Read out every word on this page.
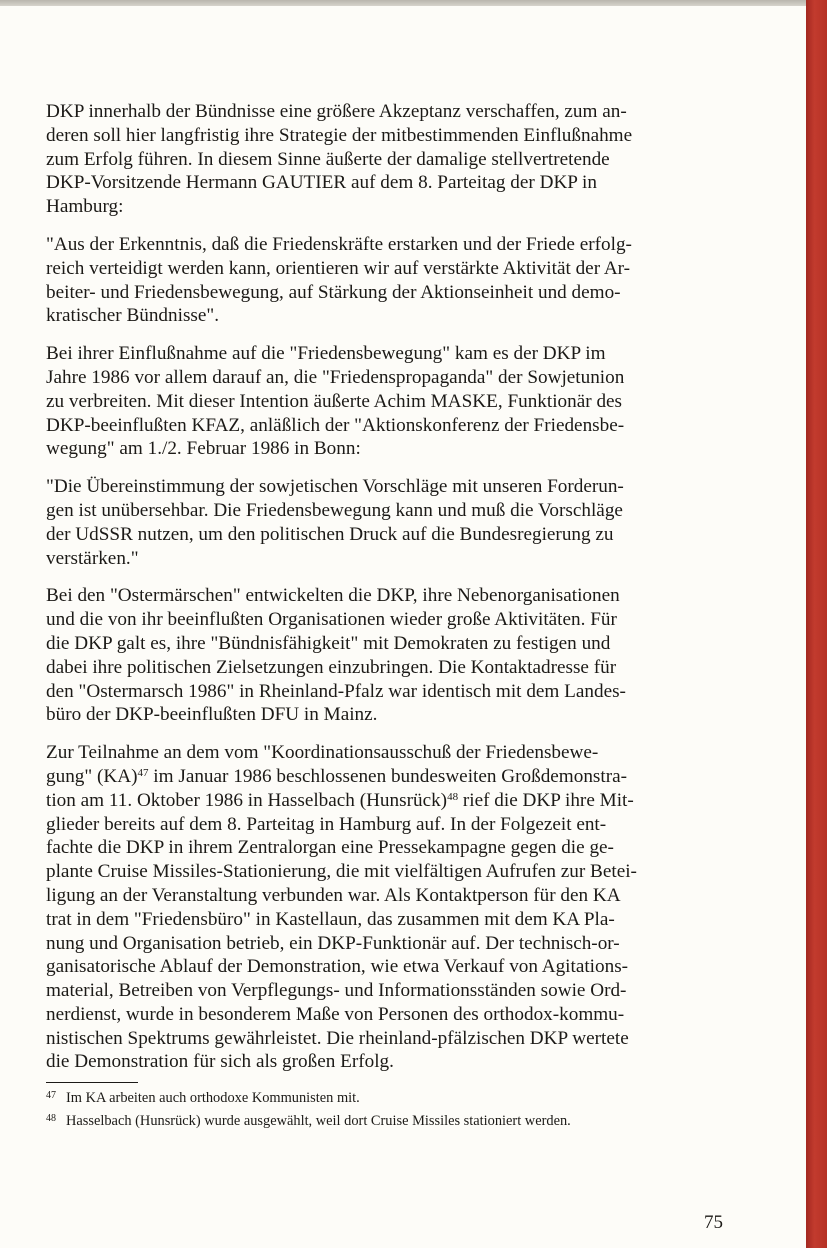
DKP innerhalb der Bündnisse eine größere Akzeptanz verschaffen, zum an-
deren soll hier langfristig ihre Strategie der mitbestimmenden Einflußnahme
zum Erfolg führen. In diesem Sinne äußerte der damalige stellvertretende
DKP-Vorsitzende Hermann GAUTIER auf dem 8. Parteitag der DKP in
Hamburg:

"Aus der Erkenntnis, daß die Friedenskräfte erstarken und der Friede erfolg-
reich verteidigt werden kann, orientieren wir auf verstärkte Aktivität der Ar-
beiter- und Friedensbewegung, auf Stärkung der Aktionseinheit und demo-
kratischer Bündnisse".

Bei ihrer Einflußnahme auf die "Friedensbewegung" kam es der DKP im
Jahre 1986 vor allem darauf an, die "Friedenspropaganda" der Sowjetunion
zu verbreiten. Mit dieser Intention äußerte Achim MASKE, Funktionär des
DKP-beeinflußten KFAZ, anläßlich der "Aktionskonferenz der Friedensbe-
wegung" am 1./2. Februar 1986 in Bonn:

"Die Übereinstimmung der sowjetischen Vorschläge mit unseren Forderun-
gen ist unübersehbar. Die Friedensbewegung kann und muß die Vorschläge
der UdSSR nutzen, um den politischen Druck auf die Bundesregierung zu
verstärken."

Bei den "Ostermärschen" entwickelten die DKP, ihre Nebenorganisationen
und die von ihr beeinflußten Organisationen wieder große Aktivitäten. Für
die DKP galt es, ihre "Bündnisfähigkeit" mit Demokraten zu festigen und
dabei ihre politischen Zielsetzungen einzubringen. Die Kontaktadresse für
den "Ostermarsch 1986" in Rheinland-Pfalz war identisch mit dem Landes-
büro der DKP-beeinflußten DFU in Mainz.

Zur Teilnahme an dem vom "Koordinationsausschuß der Friedensbewe-
gung" (KA)$^{47}$ im Januar 1986 beschlossenen bundesweiten Großdemonstra-
tion am 11. Oktober 1986 in Hasselbach (Hunsrück)$^{48}$ rief die DKP ihre Mit-
glieder bereits auf dem 8. Parteitag in Hamburg auf. In der Folgezeit ent-
fachte die DKP in ihrem Zentralorgan eine Pressekampagne gegen die ge-
plante Cruise Missiles-Stationierung, die mit vielfältigen Aufrufen zur Betei-
ligung an der Veranstaltung verbunden war. Als Kontaktperson für den KA
trat in dem "Friedensbüro" in Kastellaun, das zusammen mit dem KA Pla-
nung und Organisation betrieb, ein DKP-Funktionär auf. Der technisch-or-
ganisatorische Ablauf der Demonstration, wie etwa Verkauf von Agitations-
material, Betreiben von Verpflegungs- und Informationsständen sowie Ord-
nerdienst, wurde in besonderem Maße von Personen des orthodox-kommu-
nistischen Spektrums gewährleistet. Die rheinland-pfälzischen DKP wertete
die Demonstration für sich als großen Erfolg.

47 Im KA arbeiten auch orthodoxe Kommunisten mit.

48 Hasselbach (Hunsrück) wurde ausgewählt, weil dort Cruise Missiles stationiert werden.

75
